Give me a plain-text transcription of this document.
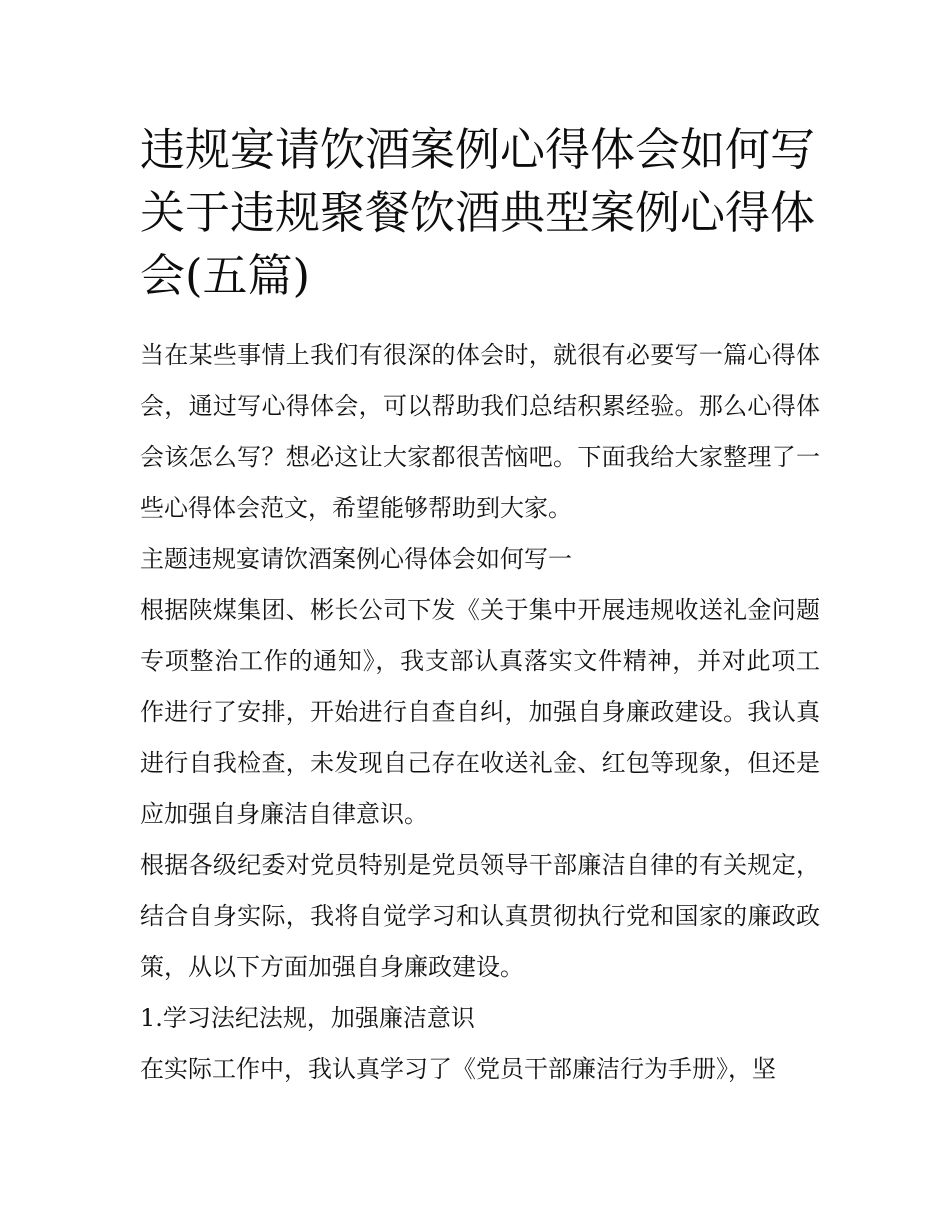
违规宴请饮酒案例心得体会如何写 关于违规聚餐饮酒典型案例心得体会(五篇)

当在某些事情上我们有很深的体会时，就很有必要写一篇心得体会，通过写心得体会，可以帮助我们总结积累经验。那么心得体会该怎么写？想必这让大家都很苦恼吧。下面我给大家整理了一些心得体会范文，希望能够帮助到大家。

主题违规宴请饮酒案例心得体会如何写一

根据陕煤集团、彬长公司下发《关于集中开展违规收送礼金问题专项整治工作的通知》，我支部认真落实文件精神，并对此项工作进行了安排，开始进行自查自纠，加强自身廉政建设。我认真进行自我检查，未发现自己存在收送礼金、红包等现象，但还是应加强自身廉洁自律意识。

根据各级纪委对党员特别是党员领导干部廉洁自律的有关规定，结合自身实际，我将自觉学习和认真贯彻执行党和国家的廉政政策，从以下方面加强自身廉政建设。

1.学习法纪法规，加强廉洁意识

在实际工作中，我认真学习了《党员干部廉洁行为手册》，坚
